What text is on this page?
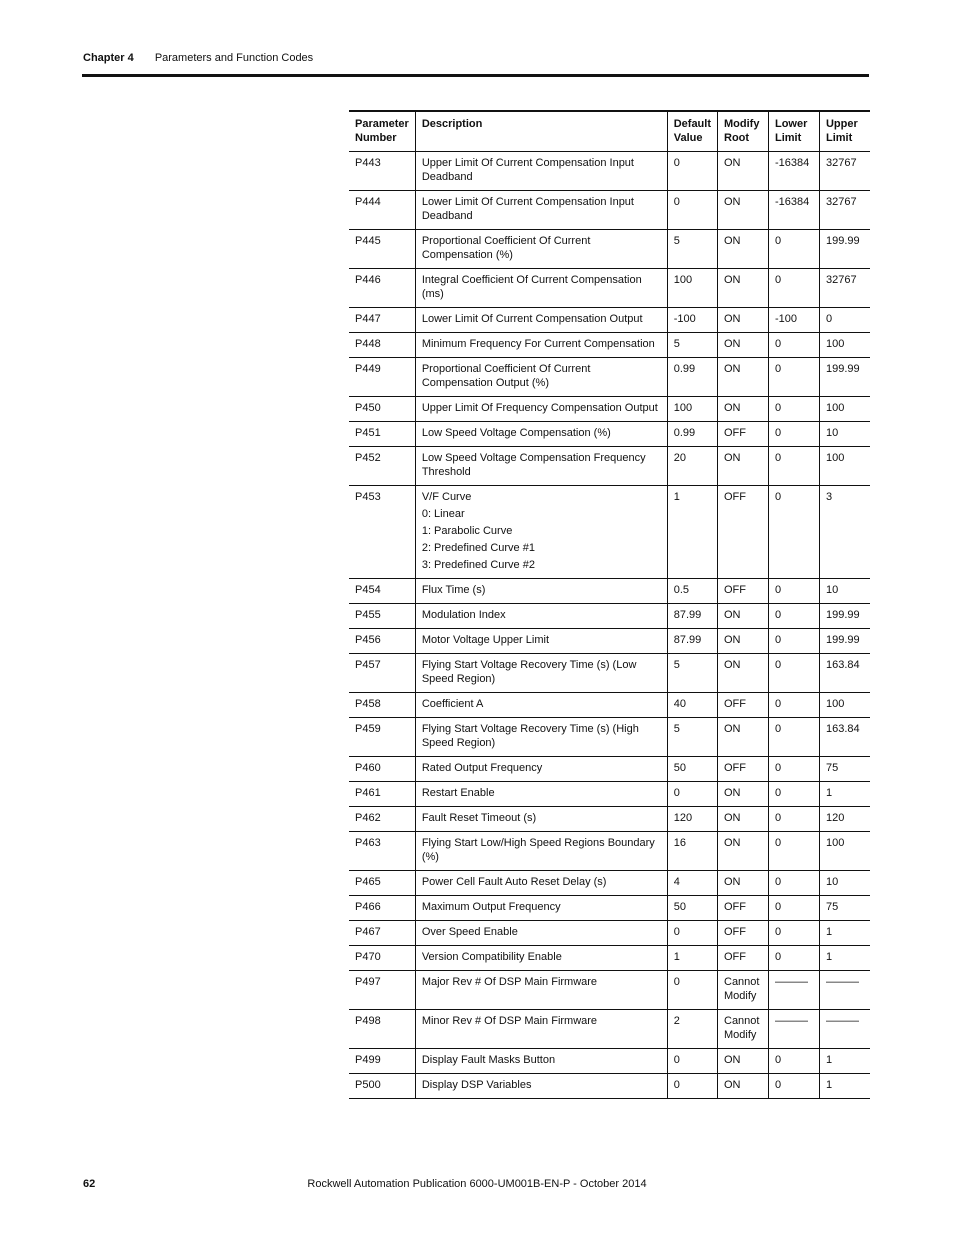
Chapter 4 Parameters and Function Codes
Parameter Number	Description	Default Value	Modify Root	Lower Limit	Upper Limit
P443	Upper Limit Of Current Compensation Input Deadband	0	ON	-16384	32767
P444	Lower Limit Of Current Compensation Input Deadband	0	ON	-16384	32767
P445	Proportional Coefficient Of Current Compensation (%)	5	ON	0	199.99
P446	Integral Coefficient Of Current Compensation (ms)	100	ON	0	32767
P447	Lower Limit Of Current Compensation Output	-100	ON	-100	0
P448	Minimum Frequency For Current Compensation	5	ON	0	100
P449	Proportional Coefficient Of Current Compensation Output (%)	0.99	ON	0	199.99
P450	Upper Limit Of Frequency Compensation Output	100	ON	0	100
P451	Low Speed Voltage Compensation (%)	0.99	OFF	0	10
P452	Low Speed Voltage Compensation Frequency Threshold	20	ON	0	100
P453	V/F Curve
0: Linear
1: Parabolic Curve
2: Predefined Curve #1
3: Predefined Curve #2	1	OFF	0	3
P454	Flux Time (s)	0.5	OFF	0	10
P455	Modulation Index	87.99	ON	0	199.99
P456	Motor Voltage Upper Limit	87.99	ON	0	199.99
P457	Flying Start Voltage Recovery Time (s) (Low Speed Region)	5	ON	0	163.84
P458	Coefficient A	40	OFF	0	100
P459	Flying Start Voltage Recovery Time (s) (High Speed Region)	5	ON	0	163.84
P460	Rated Output Frequency	50	OFF	0	75
P461	Restart Enable	0	ON	0	1
P462	Fault Reset Timeout (s)	120	ON	0	120
P463	Flying Start Low/High Speed Regions Boundary (%)	16	ON	0	100
P465	Power Cell Fault Auto Reset Delay (s)	4	ON	0	10
P466	Maximum Output Frequency	50	OFF	0	75
P467	Over Speed Enable	0	OFF	0	1
P470	Version Compatibility Enable	1	OFF	0	1
P497	Major Rev # Of DSP Main Firmware	0	Cannot Modify	———	———
P498	Minor Rev # Of DSP Main Firmware	2	Cannot Modify	———	———
P499	Display Fault Masks Button	0	ON	0	1
P500	Display DSP Variables	0	ON	0	1
62	Rockwell Automation Publication 6000-UM001B-EN-P - October 2014
